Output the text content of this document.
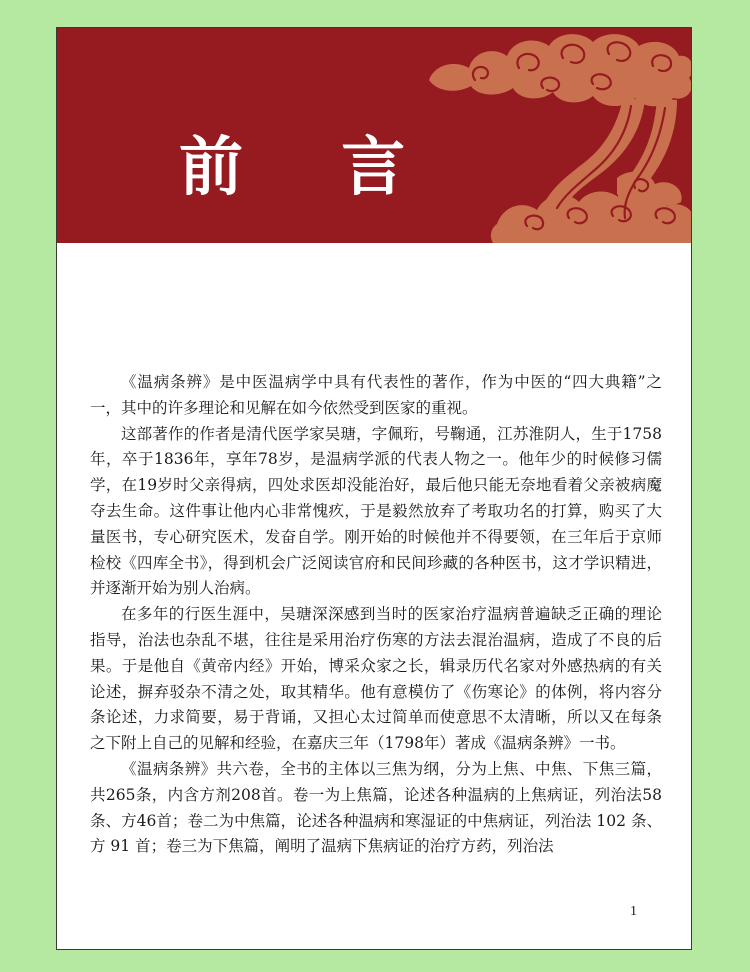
前 言

《温病条辨》是中医温病学中具有代表性的著作，作为中医的“四大典籍”之一，其中的许多理论和见解在如今依然受到医家的重视。

这部著作的作者是清代医学家吴瑭，字佩珩，号鞠通，江苏淮阴人，生于1758年，卒于1836年，享年78岁，是温病学派的代表人物之一。他年少的时候修习儒学，在19岁时父亲得病，四处求医却没能治好，最后他只能无奈地看着父亲被病魔夺去生命。这件事让他内心非常愧疚，于是毅然放弃了考取功名的打算，购买了大量医书，专心研究医术，发奋自学。刚开始的时候他并不得要领，在三年后于京师检校《四库全书》，得到机会广泛阅读官府和民间珍藏的各种医书，这才学识精进，并逐渐开始为别人治病。

在多年的行医生涯中，吴瑭深深感到当时的医家治疗温病普遍缺乏正确的理论指导，治法也杂乱不堪，往往是采用治疗伤寒的方法去混治温病，造成了不良的后果。于是他自《黄帝内经》开始，博采众家之长，辑录历代名家对外感热病的有关论述，摒弃驳杂不清之处，取其精华。他有意模仿了《伤寒论》的体例，将内容分条论述，力求简要，易于背诵，又担心太过简单而使意思不太清晰，所以又在每条之下附上自己的见解和经验，在嘉庆三年（1798年）著成《温病条辨》一书。

《温病条辨》共六卷，全书的主体以三焦为纲，分为上焦、中焦、下焦三篇，共265条，内含方剂208首。卷一为上焦篇，论述各种温病的上焦病证，列治法58条、方46首；卷二为中焦篇，论述各种温病和寒湿证的中焦病证，列治法 102 条、方 91 首；卷三为下焦篇，阐明了温病下焦病证的治疗方药，列治法

1
